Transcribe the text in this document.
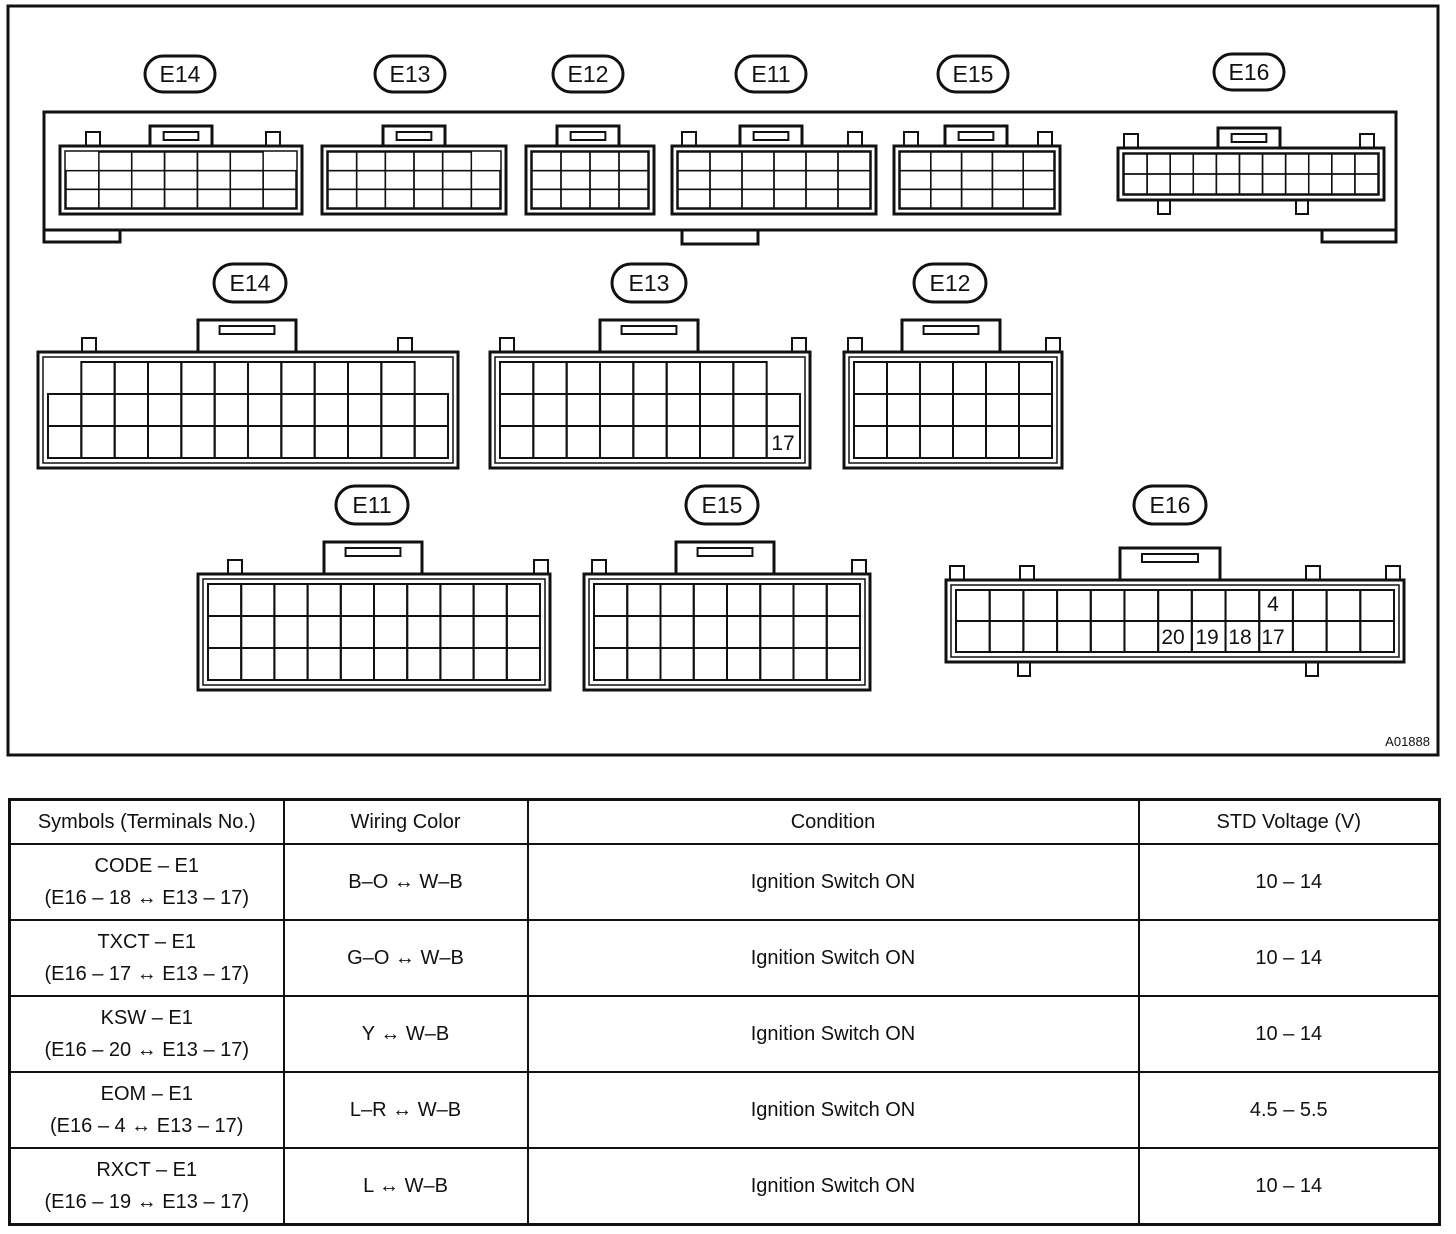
E14	E13	E12	E11	E15	E16
E14	E13	E12
E11	E15	E16
17
4
20 19 18 17
A01888
Symbols (Terminals No.)	Wiring Color	Condition	STD Voltage (V)

CODE – E1
(E16 – 18 ↔ E13 – 17)	B–O ↔ W–B	Ignition Switch ON	10 – 14

TXCT – E1
(E16 – 17 ↔ E13 – 17)	G–O ↔ W–B	Ignition Switch ON	10 – 14

KSW – E1
(E16 – 20 ↔ E13 – 17)	Y ↔ W–B	Ignition Switch ON	10 – 14

EOM – E1
(E16 – 4 ↔ E13 – 17)	L–R ↔ W–B	Ignition Switch ON	4.5 – 5.5

RXCT – E1
(E16 – 19 ↔ E13 – 17)	L ↔ W–B	Ignition Switch ON	10 – 14
